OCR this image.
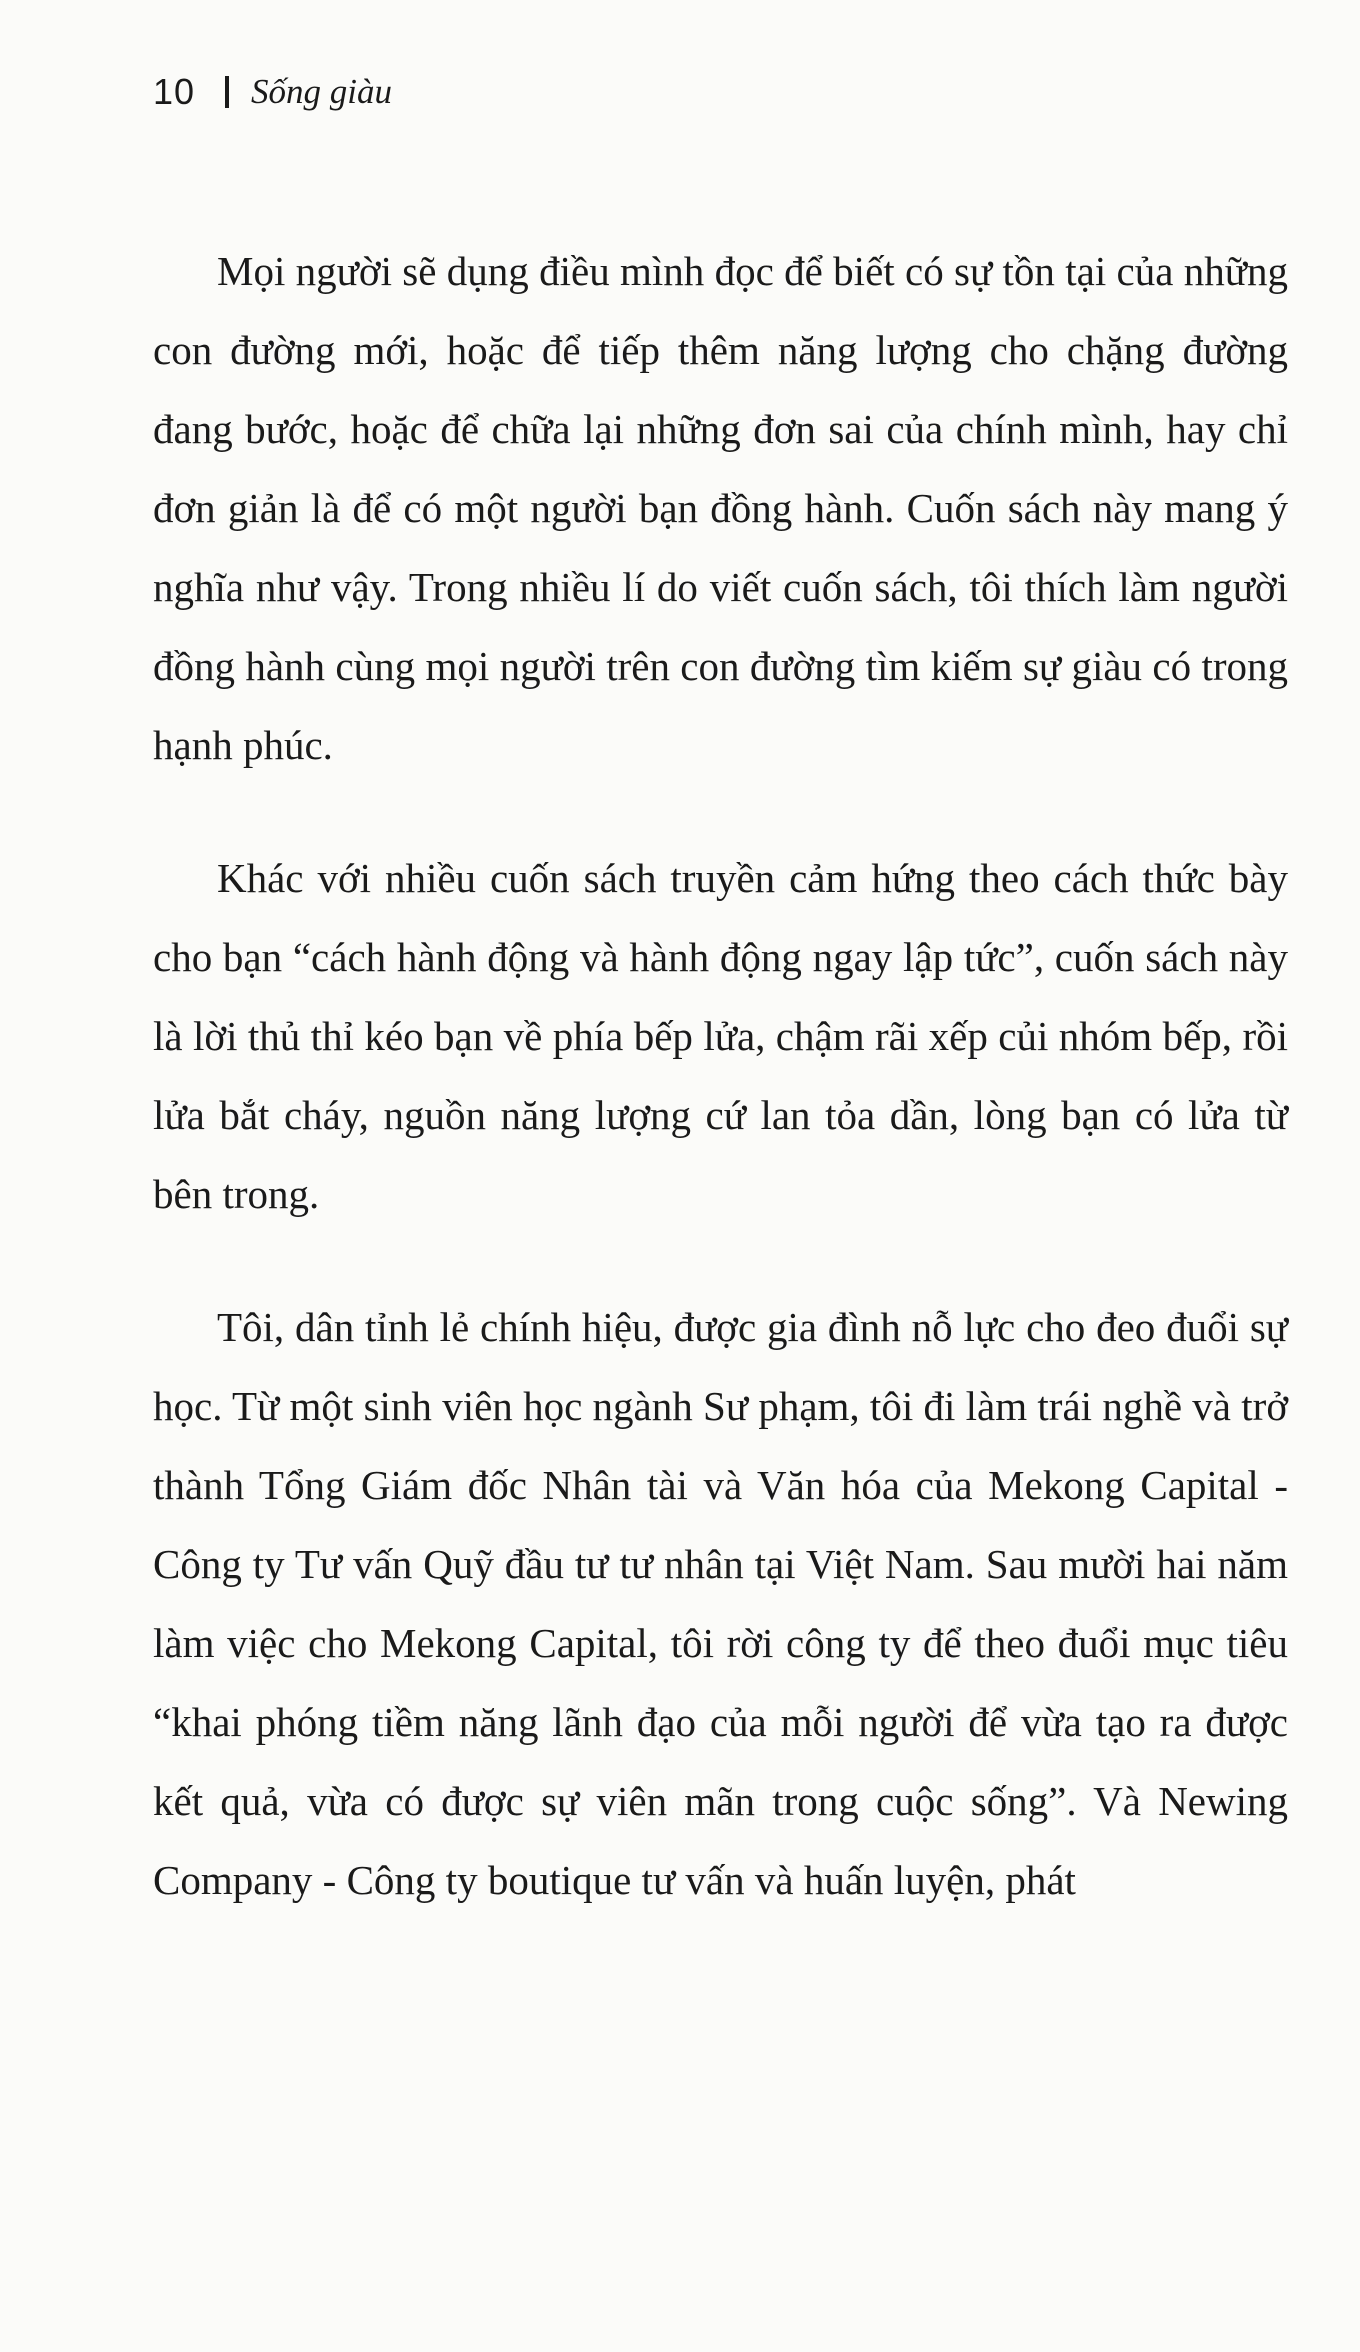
10 Sống giàu

Mọi người sẽ dụng điều mình đọc để biết có sự tồn tại của những con đường mới, hoặc để tiếp thêm năng lượng cho chặng đường đang bước, hoặc để chữa lại những đơn sai của chính mình, hay chỉ đơn giản là để có một người bạn đồng hành. Cuốn sách này mang ý nghĩa như vậy. Trong nhiều lí do viết cuốn sách, tôi thích làm người đồng hành cùng mọi người trên con đường tìm kiếm sự giàu có trong hạnh phúc.

Khác với nhiều cuốn sách truyền cảm hứng theo cách thức bày cho bạn “cách hành động và hành động ngay lập tức”, cuốn sách này là lời thủ thỉ kéo bạn về phía bếp lửa, chậm rãi xếp củi nhóm bếp, rồi lửa bắt cháy, nguồn năng lượng cứ lan tỏa dần, lòng bạn có lửa từ bên trong.

Tôi, dân tỉnh lẻ chính hiệu, được gia đình nỗ lực cho đeo đuổi sự học. Từ một sinh viên học ngành Sư phạm, tôi đi làm trái nghề và trở thành Tổng Giám đốc Nhân tài và Văn hóa của Mekong Capital - Công ty Tư vấn Quỹ đầu tư tư nhân tại Việt Nam. Sau mười hai năm làm việc cho Mekong Capital, tôi rời công ty để theo đuổi mục tiêu “khai phóng tiềm năng lãnh đạo của mỗi người để vừa tạo ra được kết quả, vừa có được sự viên mãn trong cuộc sống”. Và Newing Company - Công ty boutique tư vấn và huấn luyện, phát
